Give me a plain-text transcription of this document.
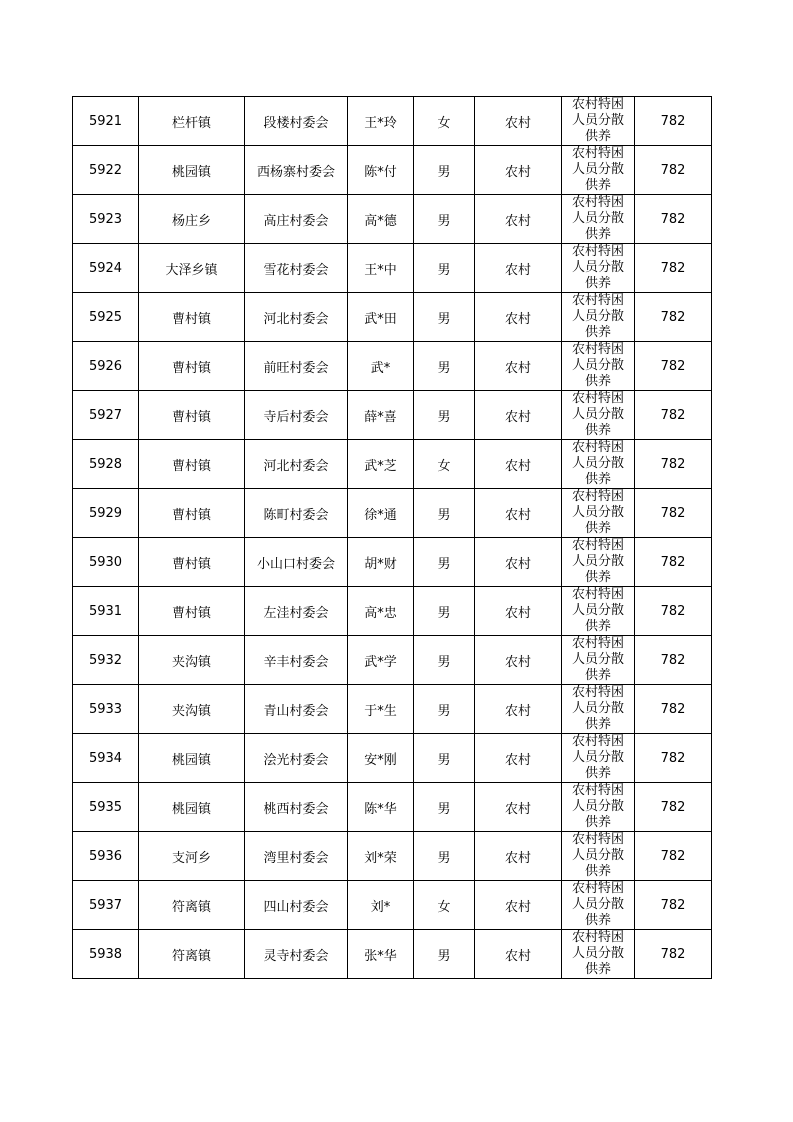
5921	栏杆镇	段楼村委会	王*玲	女	农村	农村特困人员分散供养	782
5922	桃园镇	西杨寨村委会	陈*付	男	农村	农村特困人员分散供养	782
5923	杨庄乡	高庄村委会	高*德	男	农村	农村特困人员分散供养	782
5924	大泽乡镇	雪花村委会	王*中	男	农村	农村特困人员分散供养	782
5925	曹村镇	河北村委会	武*田	男	农村	农村特困人员分散供养	782
5926	曹村镇	前旺村委会	武*	男	农村	农村特困人员分散供养	782
5927	曹村镇	寺后村委会	薛*喜	男	农村	农村特困人员分散供养	782
5928	曹村镇	河北村委会	武*芝	女	农村	农村特困人员分散供养	782
5929	曹村镇	陈町村委会	徐*通	男	农村	农村特困人员分散供养	782
5930	曹村镇	小山口村委会	胡*财	男	农村	农村特困人员分散供养	782
5931	曹村镇	左洼村委会	高*忠	男	农村	农村特困人员分散供养	782
5932	夹沟镇	辛丰村委会	武*学	男	农村	农村特困人员分散供养	782
5933	夹沟镇	青山村委会	于*生	男	农村	农村特困人员分散供养	782
5934	桃园镇	浍光村委会	安*刚	男	农村	农村特困人员分散供养	782
5935	桃园镇	桃西村委会	陈*华	男	农村	农村特困人员分散供养	782
5936	支河乡	湾里村委会	刘*荣	男	农村	农村特困人员分散供养	782
5937	符离镇	四山村委会	刘*	女	农村	农村特困人员分散供养	782
5938	符离镇	灵寺村委会	张*华	男	农村	农村特困人员分散供养	782
